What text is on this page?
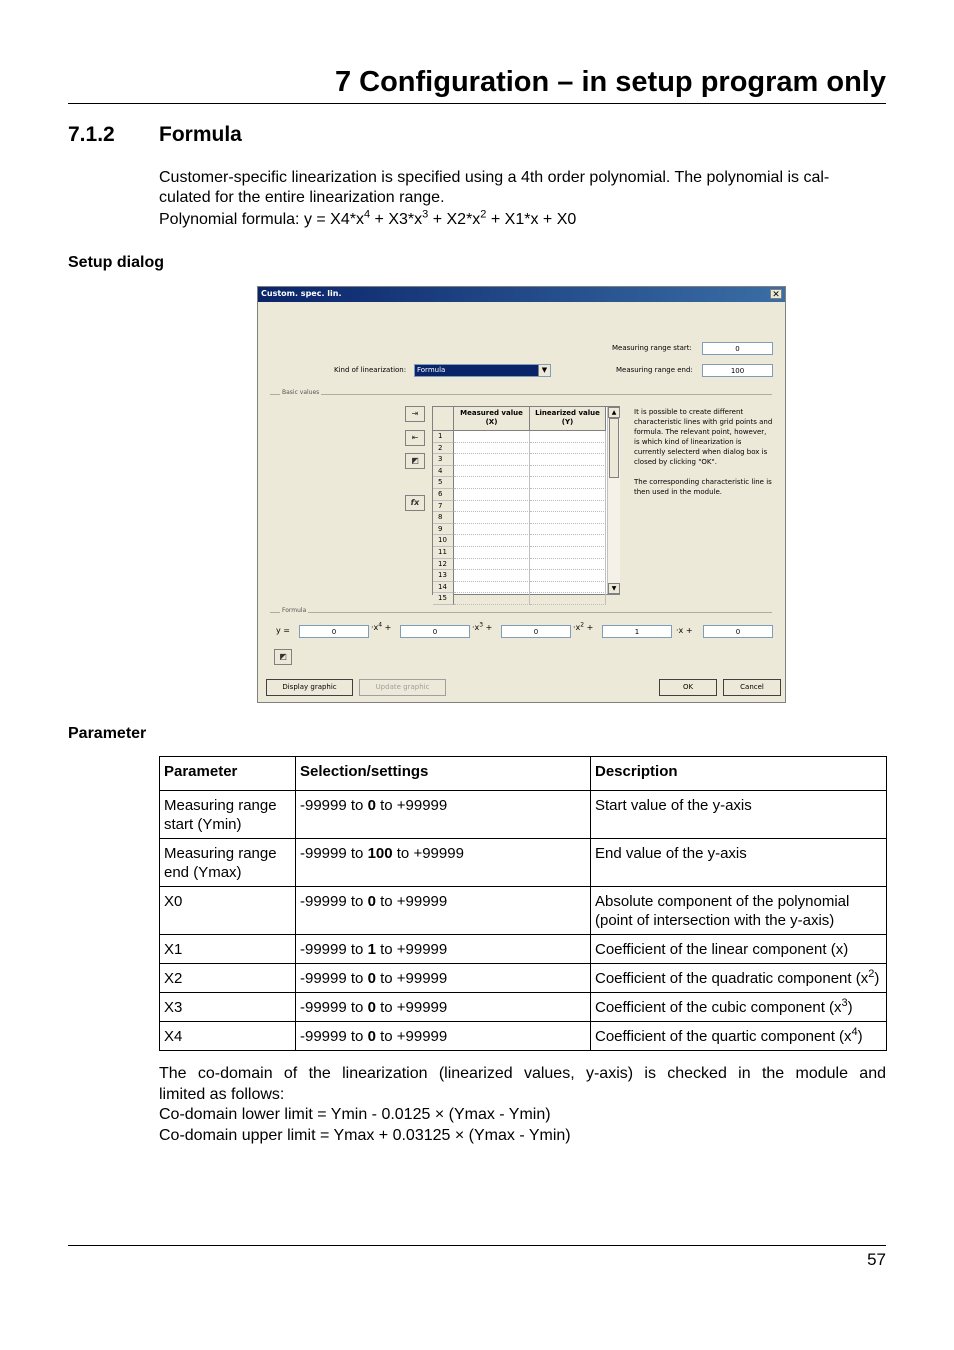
7 Configuration – in setup program only
7.1.2 Formula
Customer-specific linearization is specified using a 4th order polynomial. The polynomial is cal-
culated for the entire linearization range.
Polynomial formula: $y = X4*x^4 + X3*x^3 + X2*x^2 + X1*x + X0$
Setup dialog
Custom. spec. lin.	✕
Measuring range start:
0
Measuring range end:
100
Kind of linearization: Formula	▼
Basic values
⇥
⇤
◩
fx
Measured value (X)
Linearized value (Y)
1
2
3
4
5
6
7
8
9
10
11
12
13
14
15
▲
▼

It is possible to create different characteristic lines with grid points and formula. The relevant point, however, is which kind of linearization is currently selecterd when dialog box is closed by clicking "OK".

The corresponding characteristic line is then used in the module.

Formula
y =
0	$\cdot x^4$ +
0	$\cdot x^3$ +
0	$\cdot x^2$ +
1	·x +
0
◩
Display graphic	Update graphic	OK	Cancel
Parameter
Parameter	Selection/settings	Description
Measuring range start (Ymin)	-99999 to 0 to +99999	Start value of the y-axis
Measuring range end (Ymax)	-99999 to 100 to +99999	End value of the y-axis
X0	-99999 to 0 to +99999	Absolute component of the polynomial (point of intersection with the y-axis)
X1	-99999 to 1 to +99999	Coefficient of the linear component (x)
X2	-99999 to 0 to +99999	Coefficient of the quadratic component $(x^2)$
X3	-99999 to 0 to +99999	Coefficient of the cubic component $(x^3)$
X4	-99999 to 0 to +99999	Coefficient of the quartic component $(x^4)$
The co-domain of the linearization (linearized values, y-axis) is checked in the module and
limited as follows:
Co-domain lower limit = Ymin - 0.0125 × (Ymax - Ymin)
Co-domain upper limit = Ymax + 0.03125 × (Ymax - Ymin)
57
